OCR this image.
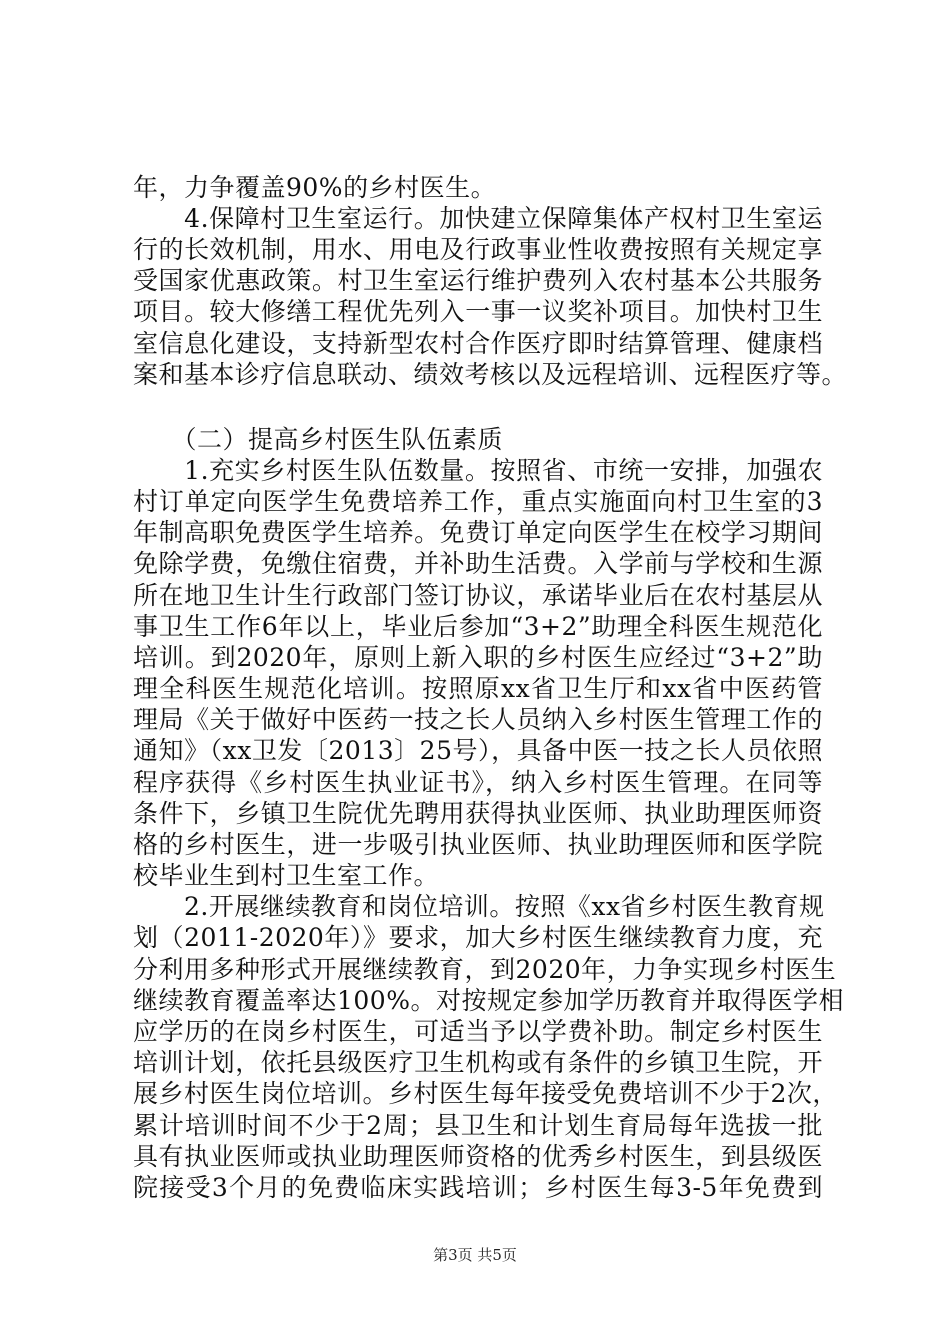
年，力争覆盖90%的乡村医生。
　　4.保障村卫生室运行。加快建立保障集体产权村卫生室运
行的长效机制，用水、用电及行政事业性收费按照有关规定享
受国家优惠政策。村卫生室运行维护费列入农村基本公共服务
项目。较大修缮工程优先列入一事一议奖补项目。加快村卫生
室信息化建设，支持新型农村合作医疗即时结算管理、健康档
案和基本诊疗信息联动、绩效考核以及远程培训、远程医疗等。
　　（二）提高乡村医生队伍素质
　　1.充实乡村医生队伍数量。按照省、市统一安排，加强农
村订单定向医学生免费培养工作，重点实施面向村卫生室的3
年制高职免费医学生培养。免费订单定向医学生在校学习期间
免除学费，免缴住宿费，并补助生活费。入学前与学校和生源
所在地卫生计生行政部门签订协议，承诺毕业后在农村基层从
事卫生工作6年以上，毕业后参加“3+2”助理全科医生规范化
培训。到2020年，原则上新入职的乡村医生应经过“3+2”助
理全科医生规范化培训。按照原xx省卫生厅和xx省中医药管
理局《关于做好中医药一技之长人员纳入乡村医生管理工作的
通知》（xx卫发〔2013〕25号），具备中医一技之长人员依照
程序获得《乡村医生执业证书》，纳入乡村医生管理。在同等
条件下，乡镇卫生院优先聘用获得执业医师、执业助理医师资
格的乡村医生，进一步吸引执业医师、执业助理医师和医学院
校毕业生到村卫生室工作。
　　2.开展继续教育和岗位培训。按照《xx省乡村医生教育规
划（2011-2020年）》要求，加大乡村医生继续教育力度，充
分利用多种形式开展继续教育，到2020年，力争实现乡村医生
继续教育覆盖率达100%。对按规定参加学历教育并取得医学相
应学历的在岗乡村医生，可适当予以学费补助。制定乡村医生
培训计划，依托县级医疗卫生机构或有条件的乡镇卫生院，开
展乡村医生岗位培训。乡村医生每年接受免费培训不少于2次，
累计培训时间不少于2周；县卫生和计划生育局每年选拔一批
具有执业医师或执业助理医师资格的优秀乡村医生，到县级医
院接受3个月的免费临床实践培训；乡村医生每3-5年免费到
第3页 共5页
